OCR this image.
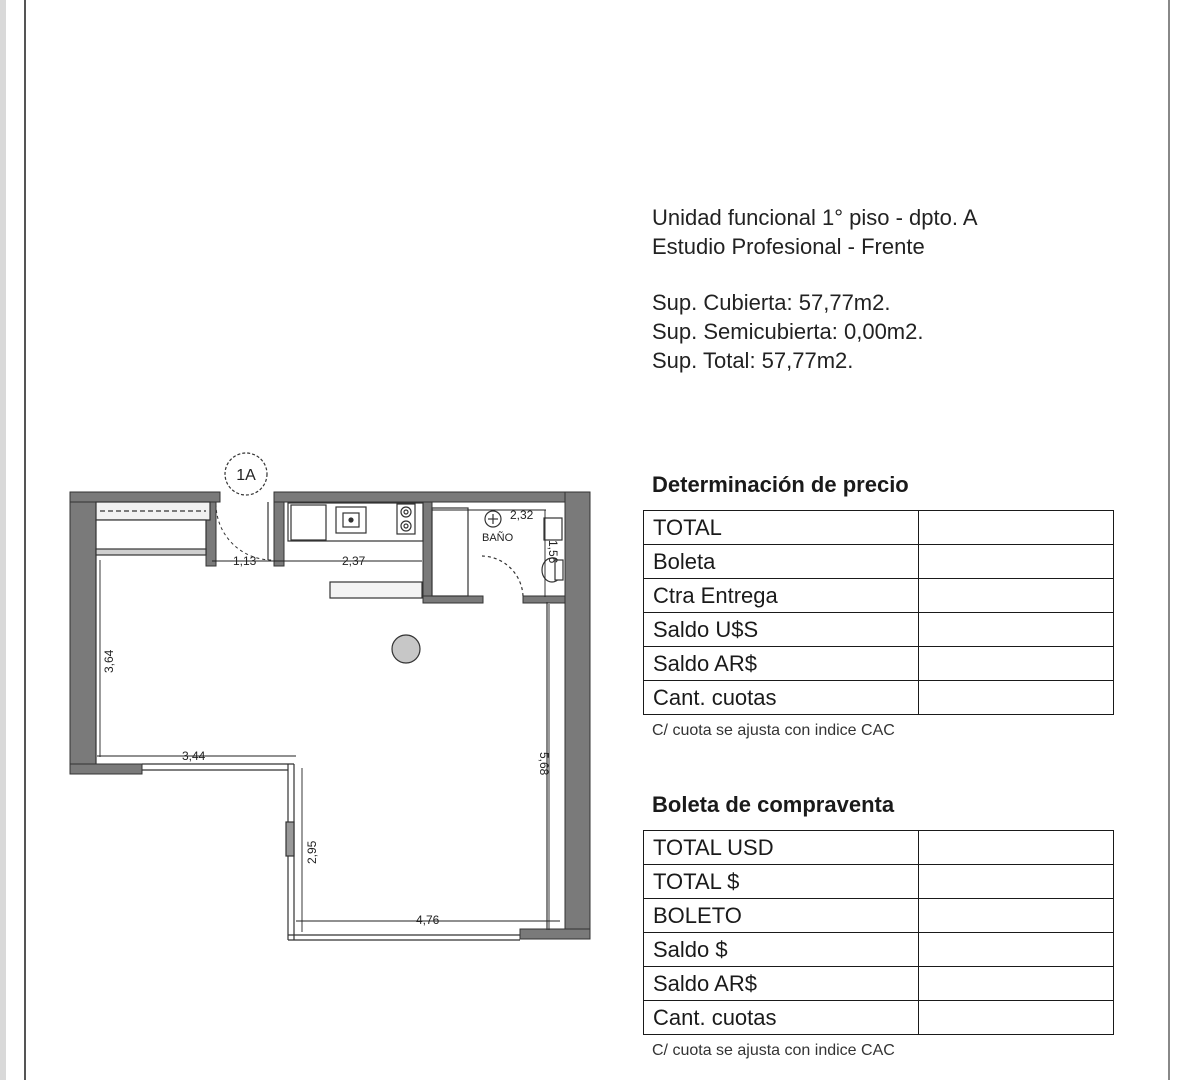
Unidad funcional 1° piso - dpto. A
Estudio Profesional - Frente
Sup. Cubierta: 57,77m2.
Sup. Semicubierta: 0,00m2.
Sup. Total: 57,77m2.
Determinación de precio
TOTAL	
Boleta	
Ctra Entrega	
Saldo U$S	
Saldo AR$	
Cant. cuotas	
C/ cuota se ajusta con indice CAC
Boleta de compraventa
TOTAL USD	
TOTAL $	
BOLETO	
Saldo $	
Saldo AR$	
Cant. cuotas	
C/ cuota se ajusta con indice CAC
1A
1,13	2,37
2,32
BAÑO
1,56
3,64
3,44	5,68
2,95
4,76
